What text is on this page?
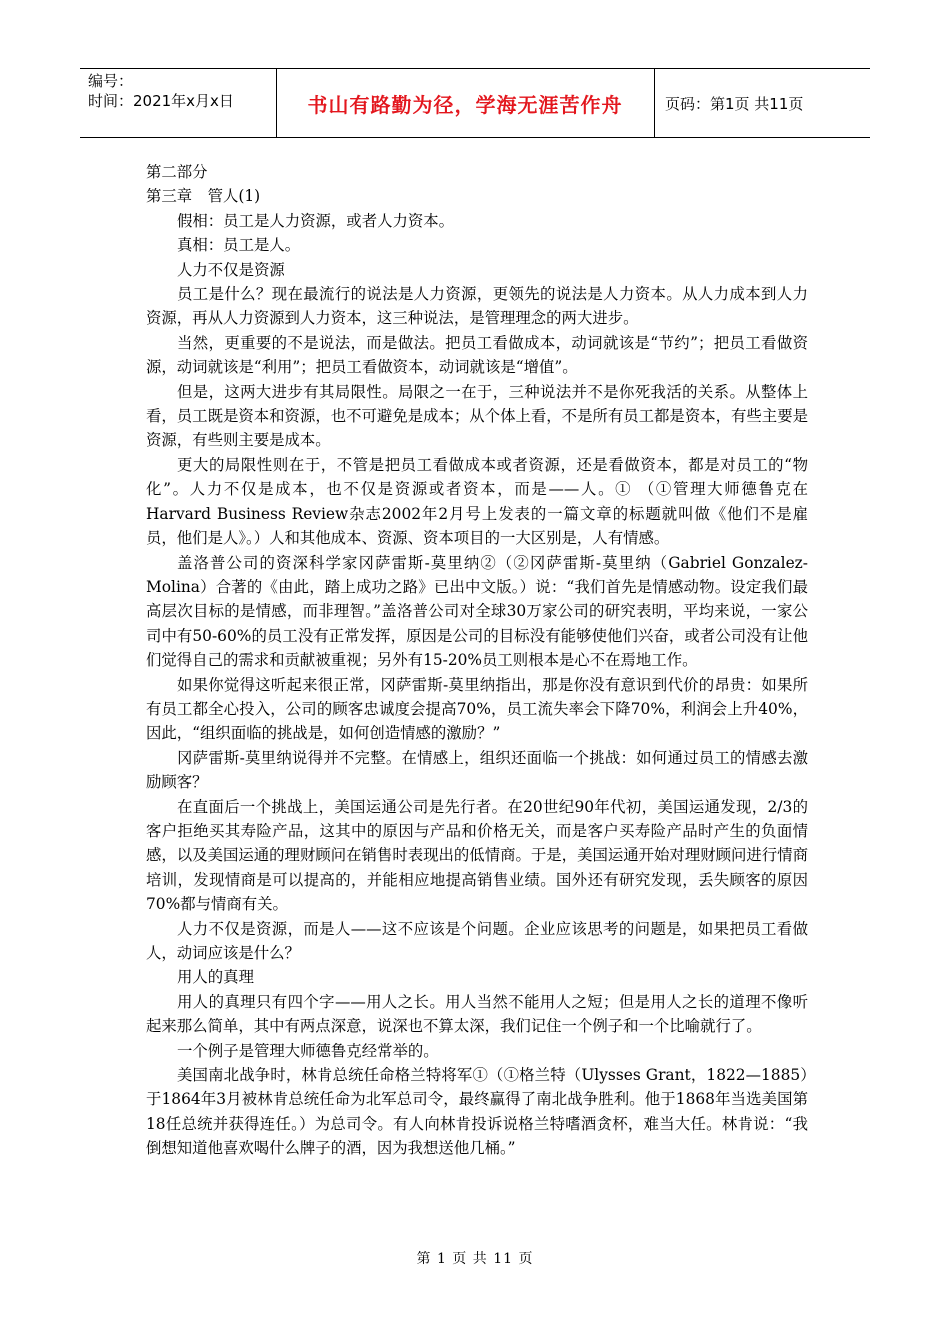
编号：
时间：2021年x月x日	书山有路勤为径，学海无涯苦作舟	页码：第1页 共11页

第二部分

第三章　管人(1)

假相：员工是人力资源，或者人力资本。

真相：员工是人。

人力不仅是资源

员工是什么？现在最流行的说法是人力资源，更领先的说法是人力资本。从人力成本到人力资源，再从人力资源到人力资本，这三种说法，是管理理念的两大进步。

当然，更重要的不是说法，而是做法。把员工看做成本，动词就该是“节约”；把员工看做资源，动词就该是“利用”；把员工看做资本，动词就该是“增值”。

但是，这两大进步有其局限性。局限之一在于，三种说法并不是你死我活的关系。从整体上看，员工既是资本和资源，也不可避免是成本；从个体上看，不是所有员工都是资本，有些主要是资源，有些则主要是成本。

更大的局限性则在于，不管是把员工看做成本或者资源，还是看做资本，都是对员工的“物化”。人力不仅是成本，也不仅是资源或者资本，而是——人。① （①管理大师德鲁克在Harvard Business Review杂志2002年2月号上发表的一篇文章的标题就叫做《他们不是雇员，他们是人》。）人和其他成本、资源、资本项目的一大区别是，人有情感。

盖洛普公司的资深科学家冈萨雷斯-莫里纳②（②冈萨雷斯-莫里纳（Gabriel Gonzalez-Molina）合著的《由此，踏上成功之路》已出中文版。）说：“我们首先是情感动物。设定我们最高层次目标的是情感，而非理智。”盖洛普公司对全球30万家公司的研究表明，平均来说，一家公司中有50-60%的员工没有正常发挥，原因是公司的目标没有能够使他们兴奋，或者公司没有让他们觉得自己的需求和贡献被重视；另外有15-20%员工则根本是心不在焉地工作。

如果你觉得这听起来很正常，冈萨雷斯-莫里纳指出，那是你没有意识到代价的昂贵：如果所有员工都全心投入，公司的顾客忠诚度会提高70%，员工流失率会下降70%，利润会上升40%，因此，“组织面临的挑战是，如何创造情感的激励？”

冈萨雷斯-莫里纳说得并不完整。在情感上，组织还面临一个挑战：如何通过员工的情感去激励顾客？

在直面后一个挑战上，美国运通公司是先行者。在20世纪90年代初，美国运通发现，2/3的客户拒绝买其寿险产品，这其中的原因与产品和价格无关，而是客户买寿险产品时产生的负面情感，以及美国运通的理财顾问在销售时表现出的低情商。于是，美国运通开始对理财顾问进行情商培训，发现情商是可以提高的，并能相应地提高销售业绩。国外还有研究发现，丢失顾客的原因70%都与情商有关。

人力不仅是资源，而是人——这不应该是个问题。企业应该思考的问题是，如果把员工看做人，动词应该是什么？

用人的真理

用人的真理只有四个字——用人之长。用人当然不能用人之短；但是用人之长的道理不像听起来那么简单，其中有两点深意，说深也不算太深，我们记住一个例子和一个比喻就行了。

一个例子是管理大师德鲁克经常举的。

美国南北战争时，林肯总统任命格兰特将军①（①格兰特（Ulysses Grant，1822—1885）于1864年3月被林肯总统任命为北军总司令，最终赢得了南北战争胜利。他于1868年当选美国第18任总统并获得连任。）为总司令。有人向林肯投诉说格兰特嗜酒贪杯，难当大任。林肯说：“我倒想知道他喜欢喝什么牌子的酒，因为我想送他几桶。”

第 1 页 共 11 页
